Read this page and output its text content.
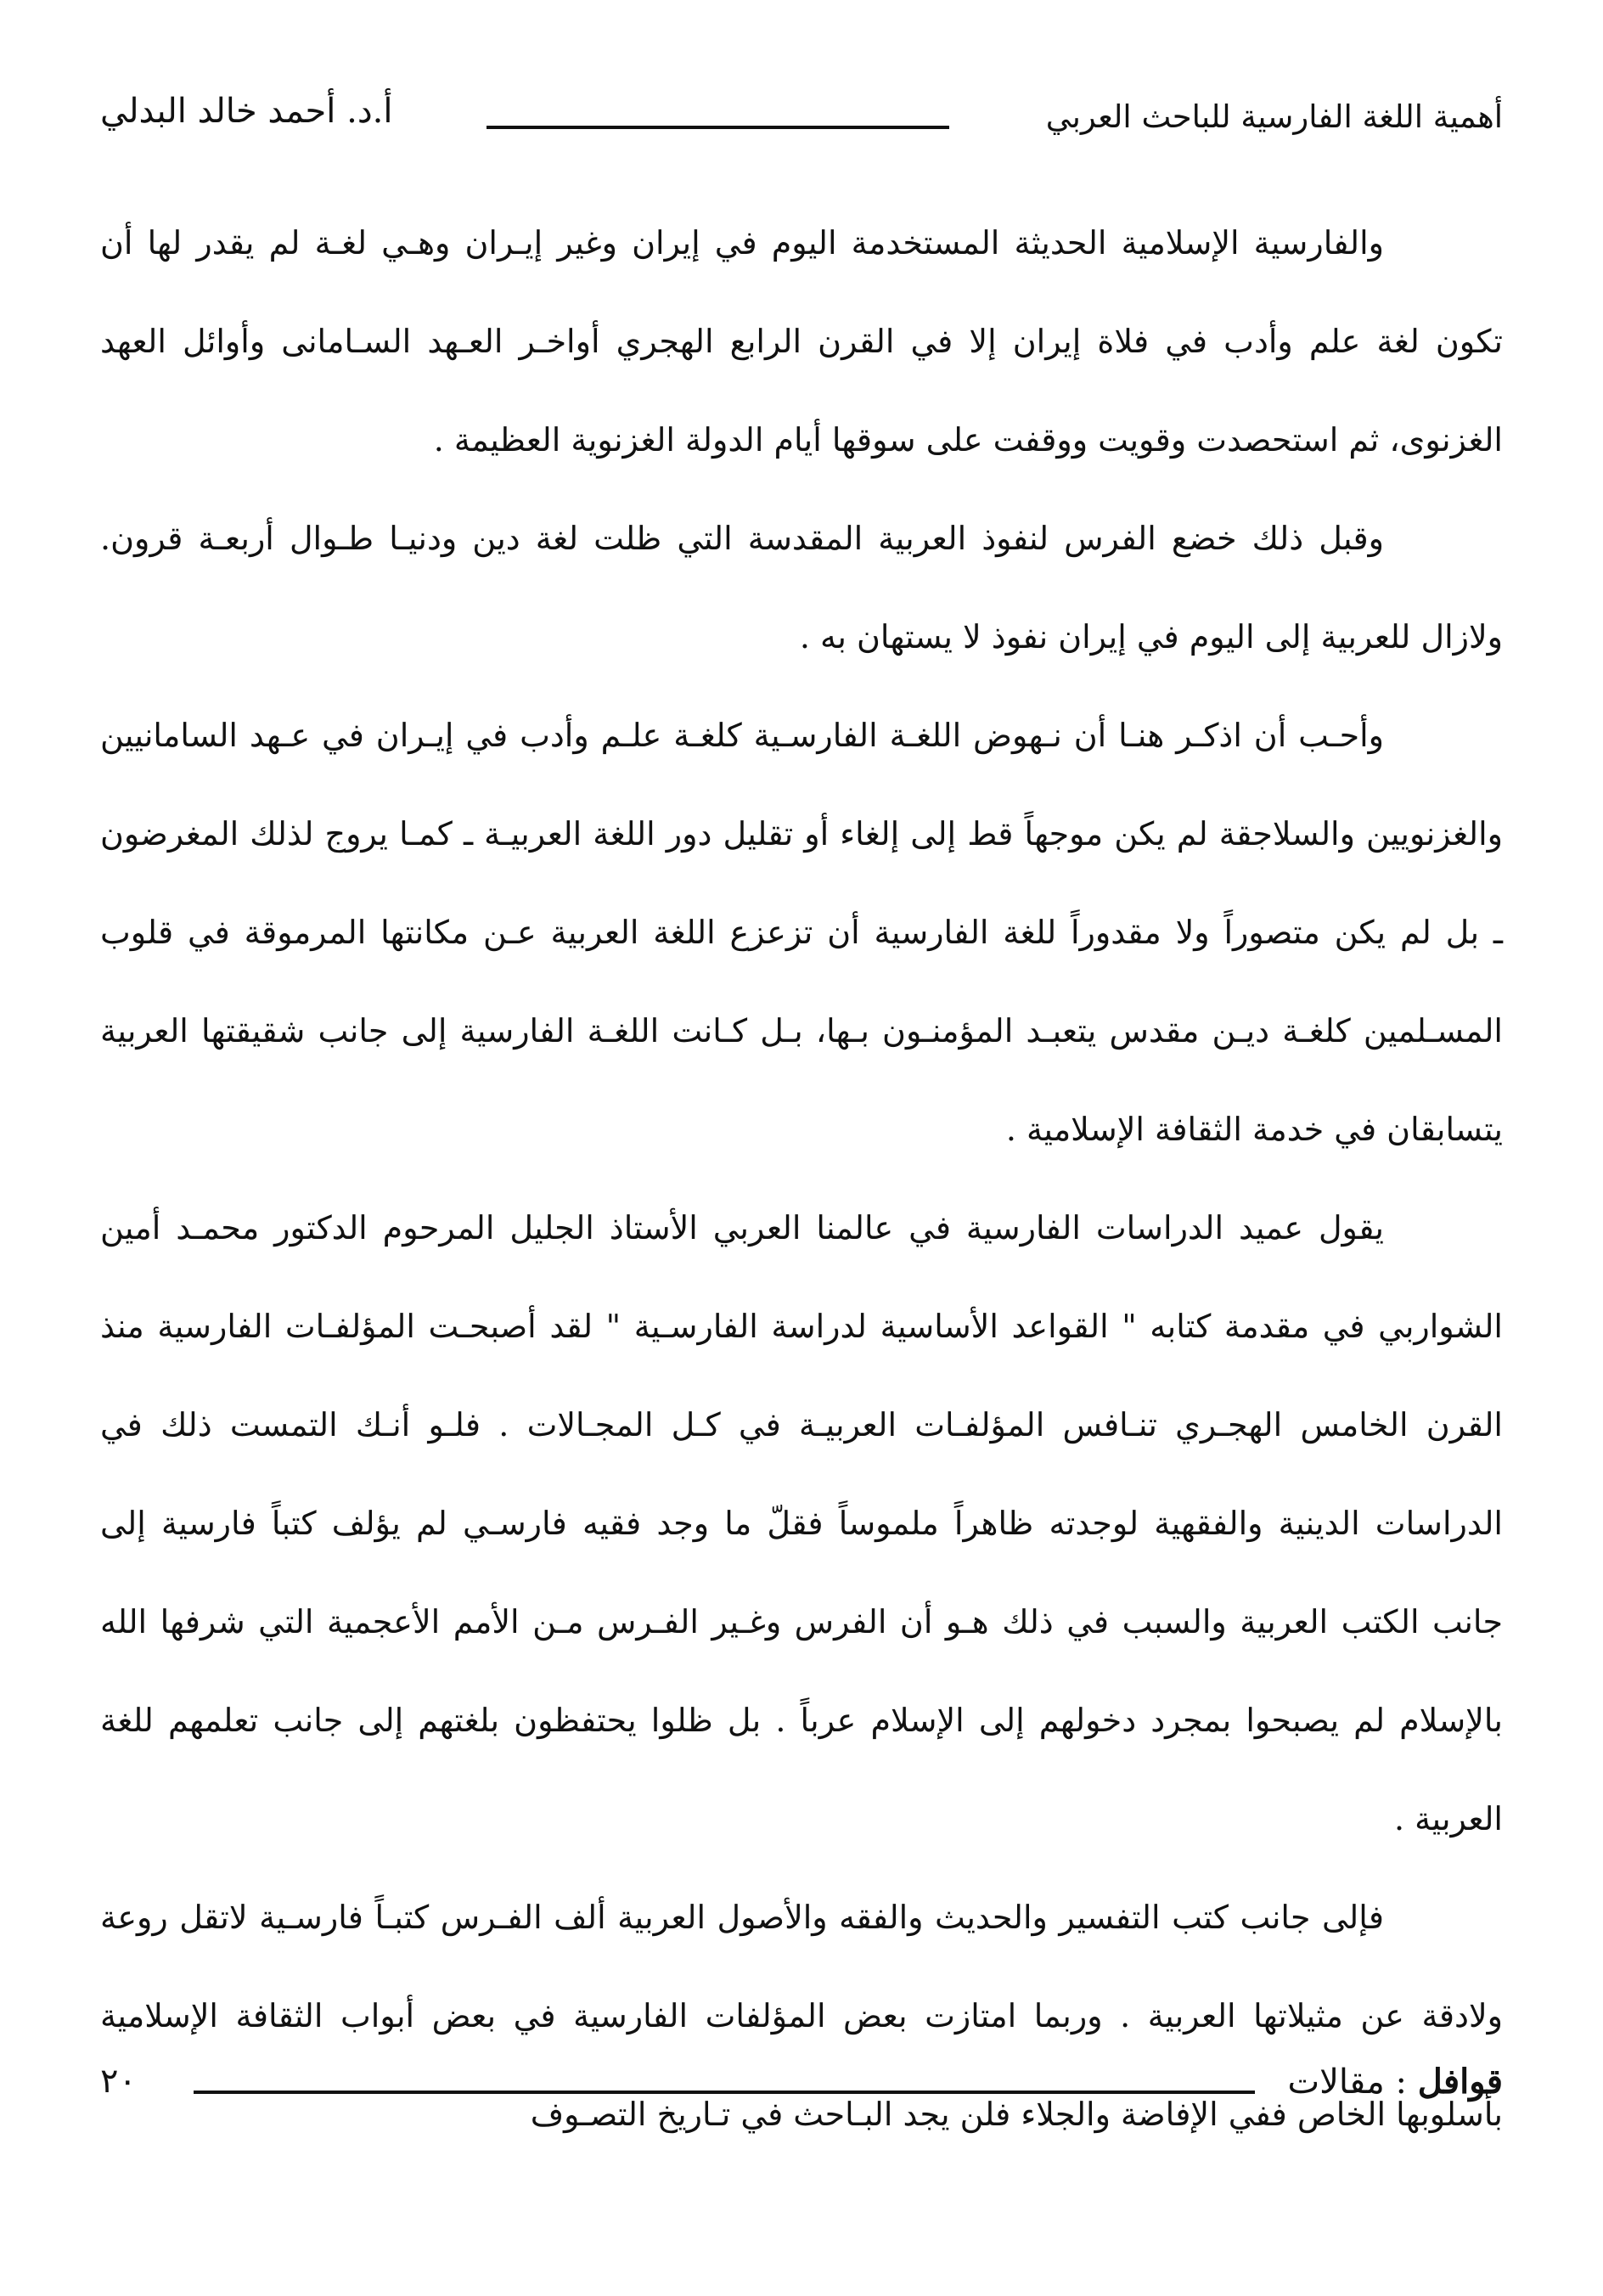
أهمية اللغة الفارسية للباحث العربي
أ.د. أحمد خالد البدلي

والفارسية الإسلامية الحديثة المستخدمة اليوم في إيران وغير إيـران وهـي لغـة لم يقدر لها أن تكون لغة علم وأدب في فلاة إيران إلا في القرن الرابع الهجري أواخـر العـهد السـامانى وأوائل العهد الغزنوى، ثم استحصدت وقويت ووقفت على سوقها أيام الدولة الغزنوية العظيمة .

وقبل ذلك خضع الفرس لنفوذ العربية المقدسة التي ظلت لغة دين ودنيـا طـوال أربعـة قرون. ولازال للعربية إلى اليوم في إيران نفوذ لا يستهان به .

وأحـب أن اذكـر هنـا أن نـهوض اللغـة الفارسـية كلغـة علـم وأدب في إيـران في عـهد السامانيين والغزنويين والسلاجقة لم يكن موجهاً قط إلى إلغاء أو تقليل دور اللغة العربيـة ـ كمـا يروج لذلك المغرضون ـ بل لم يكن متصوراً ولا مقدوراً للغة الفارسية أن تزعزع اللغة العربية عـن مكانتها المرموقة في قلوب المسـلمين كلغـة ديـن مقدس يتعبـد المؤمنـون بـها، بـل كـانت اللغـة الفارسية إلى جانب شقيقتها العربية يتسابقان في خدمة الثقافة الإسلامية .

يقول عميد الدراسات الفارسية في عالمنا العربي الأستاذ الجليل المرحوم الدكتور محمـد أمين الشواربي في مقدمة كتابه " القواعد الأساسية لدراسة الفارسـية " لقد أصبحـت المؤلفـات الفارسية منذ القرن الخامس الهجـري تنـافس المؤلفـات العربيـة في كـل المجـالات . فلـو أنـك التمست ذلك في الدراسات الدينية والفقهية لوجدته ظاهراً ملموساً فقلّ ما وجد فقيه فارسـي لم يؤلف كتباً فارسية إلى جانب الكتب العربية والسبب في ذلك هـو أن الفرس وغـير الفـرس مـن الأمم الأعجمية التي شرفها الله بالإسلام لم يصبحوا بمجرد دخولهم إلى الإسلام عرباً . بل ظلوا يحتفظون بلغتهم إلى جانب تعلمهم للغة العربية .

فإلى جانب كتب التفسير والحديث والفقه والأصول العربية ألف الفـرس كتبـاً فارسـية لاتقل روعة ولادقة عن مثيلاتها العربية . وربما امتازت بعض المؤلفات الفارسية في بعض أبواب الثقافة الإسلامية بأسلوبها الخاص ففي الإفاضة والجلاء فلن يجد البـاحث في تـاريخ التصـوف

قوافل : مقالات
٢٠
